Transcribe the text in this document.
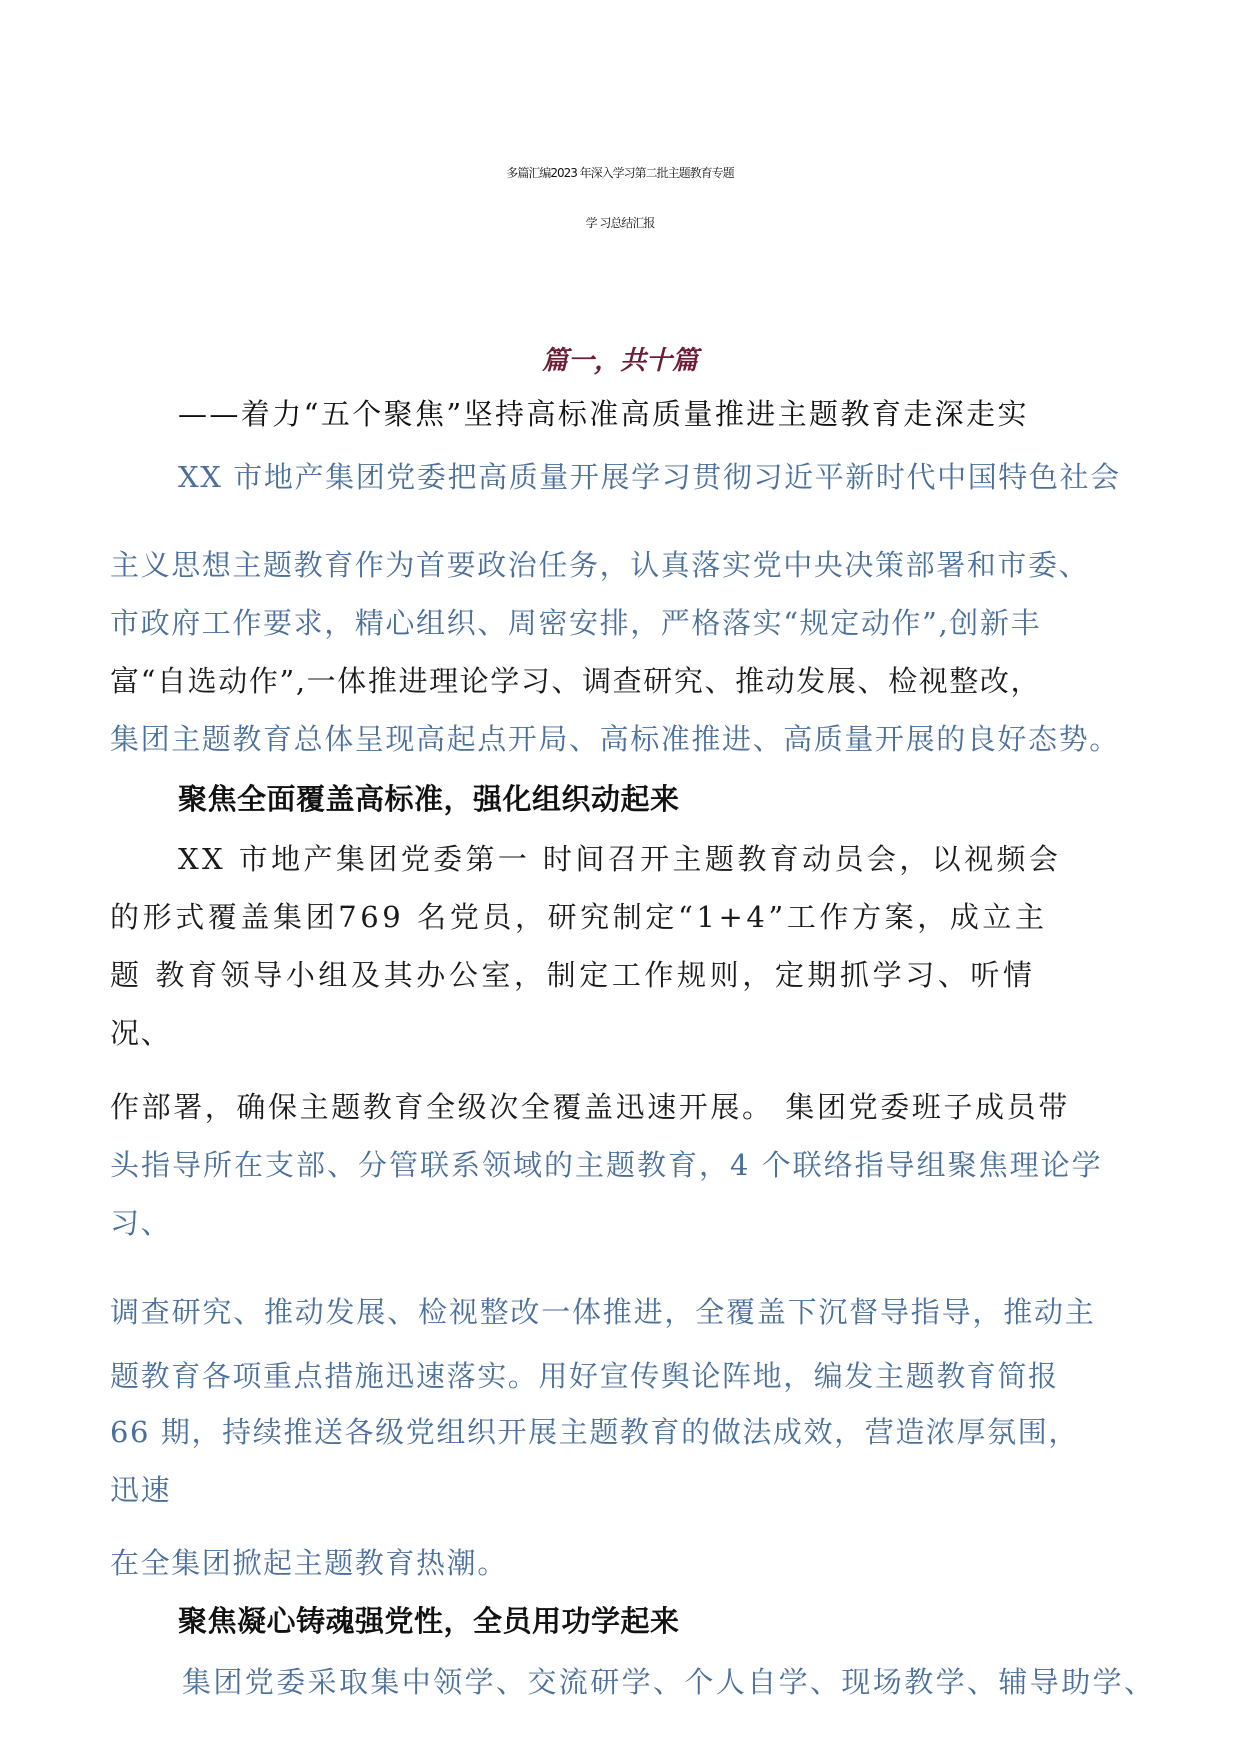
多篇汇编2023 年深入学习第二批主题教育专题
学 习总结汇报
篇一，共十篇
——着力“五个聚焦”坚持高标准高质量推进主题教育走深走实
XX 市地产集团党委把高质量开展学习贯彻习近平新时代中国特色社会
主义思想主题教育作为首要政治任务，认真落实党中央决策部署和市委、
市政府工作要求，精心组织、周密安排，严格落实“规定动作”,创新丰
富“自选动作”,一体推进理论学习、调查研究、推动发展、检视整改，
集团主题教育总体呈现高起点开局、高标准推进、高质量开展的良好态势。
聚焦全面覆盖高标准，强化组织动起来
XX 市地产集团党委第一 时间召开主题教育动员会，以视频会
的形式覆盖集团769 名党员，研究制定“1+4”工作方案，成立主
题 教育领导小组及其办公室，制定工作规则，定期抓学习、听情
况、
作部署，确保主题教育全级次全覆盖迅速开展。 集团党委班子成员带
头指导所在支部、分管联系领域的主题教育，4 个联络指导组聚焦理论学
习、
调查研究、推动发展、检视整改一体推进，全覆盖下沉督导指导，推动主
题教育各项重点措施迅速落实。用好宣传舆论阵地，编发主题教育简报
66 期，持续推送各级党组织开展主题教育的做法成效，营造浓厚氛围，
迅速
在全集团掀起主题教育热潮。
聚焦凝心铸魂强党性，全员用功学起来
集团党委采取集中领学、交流研学、个人自学、现场教学、辅导助学、
